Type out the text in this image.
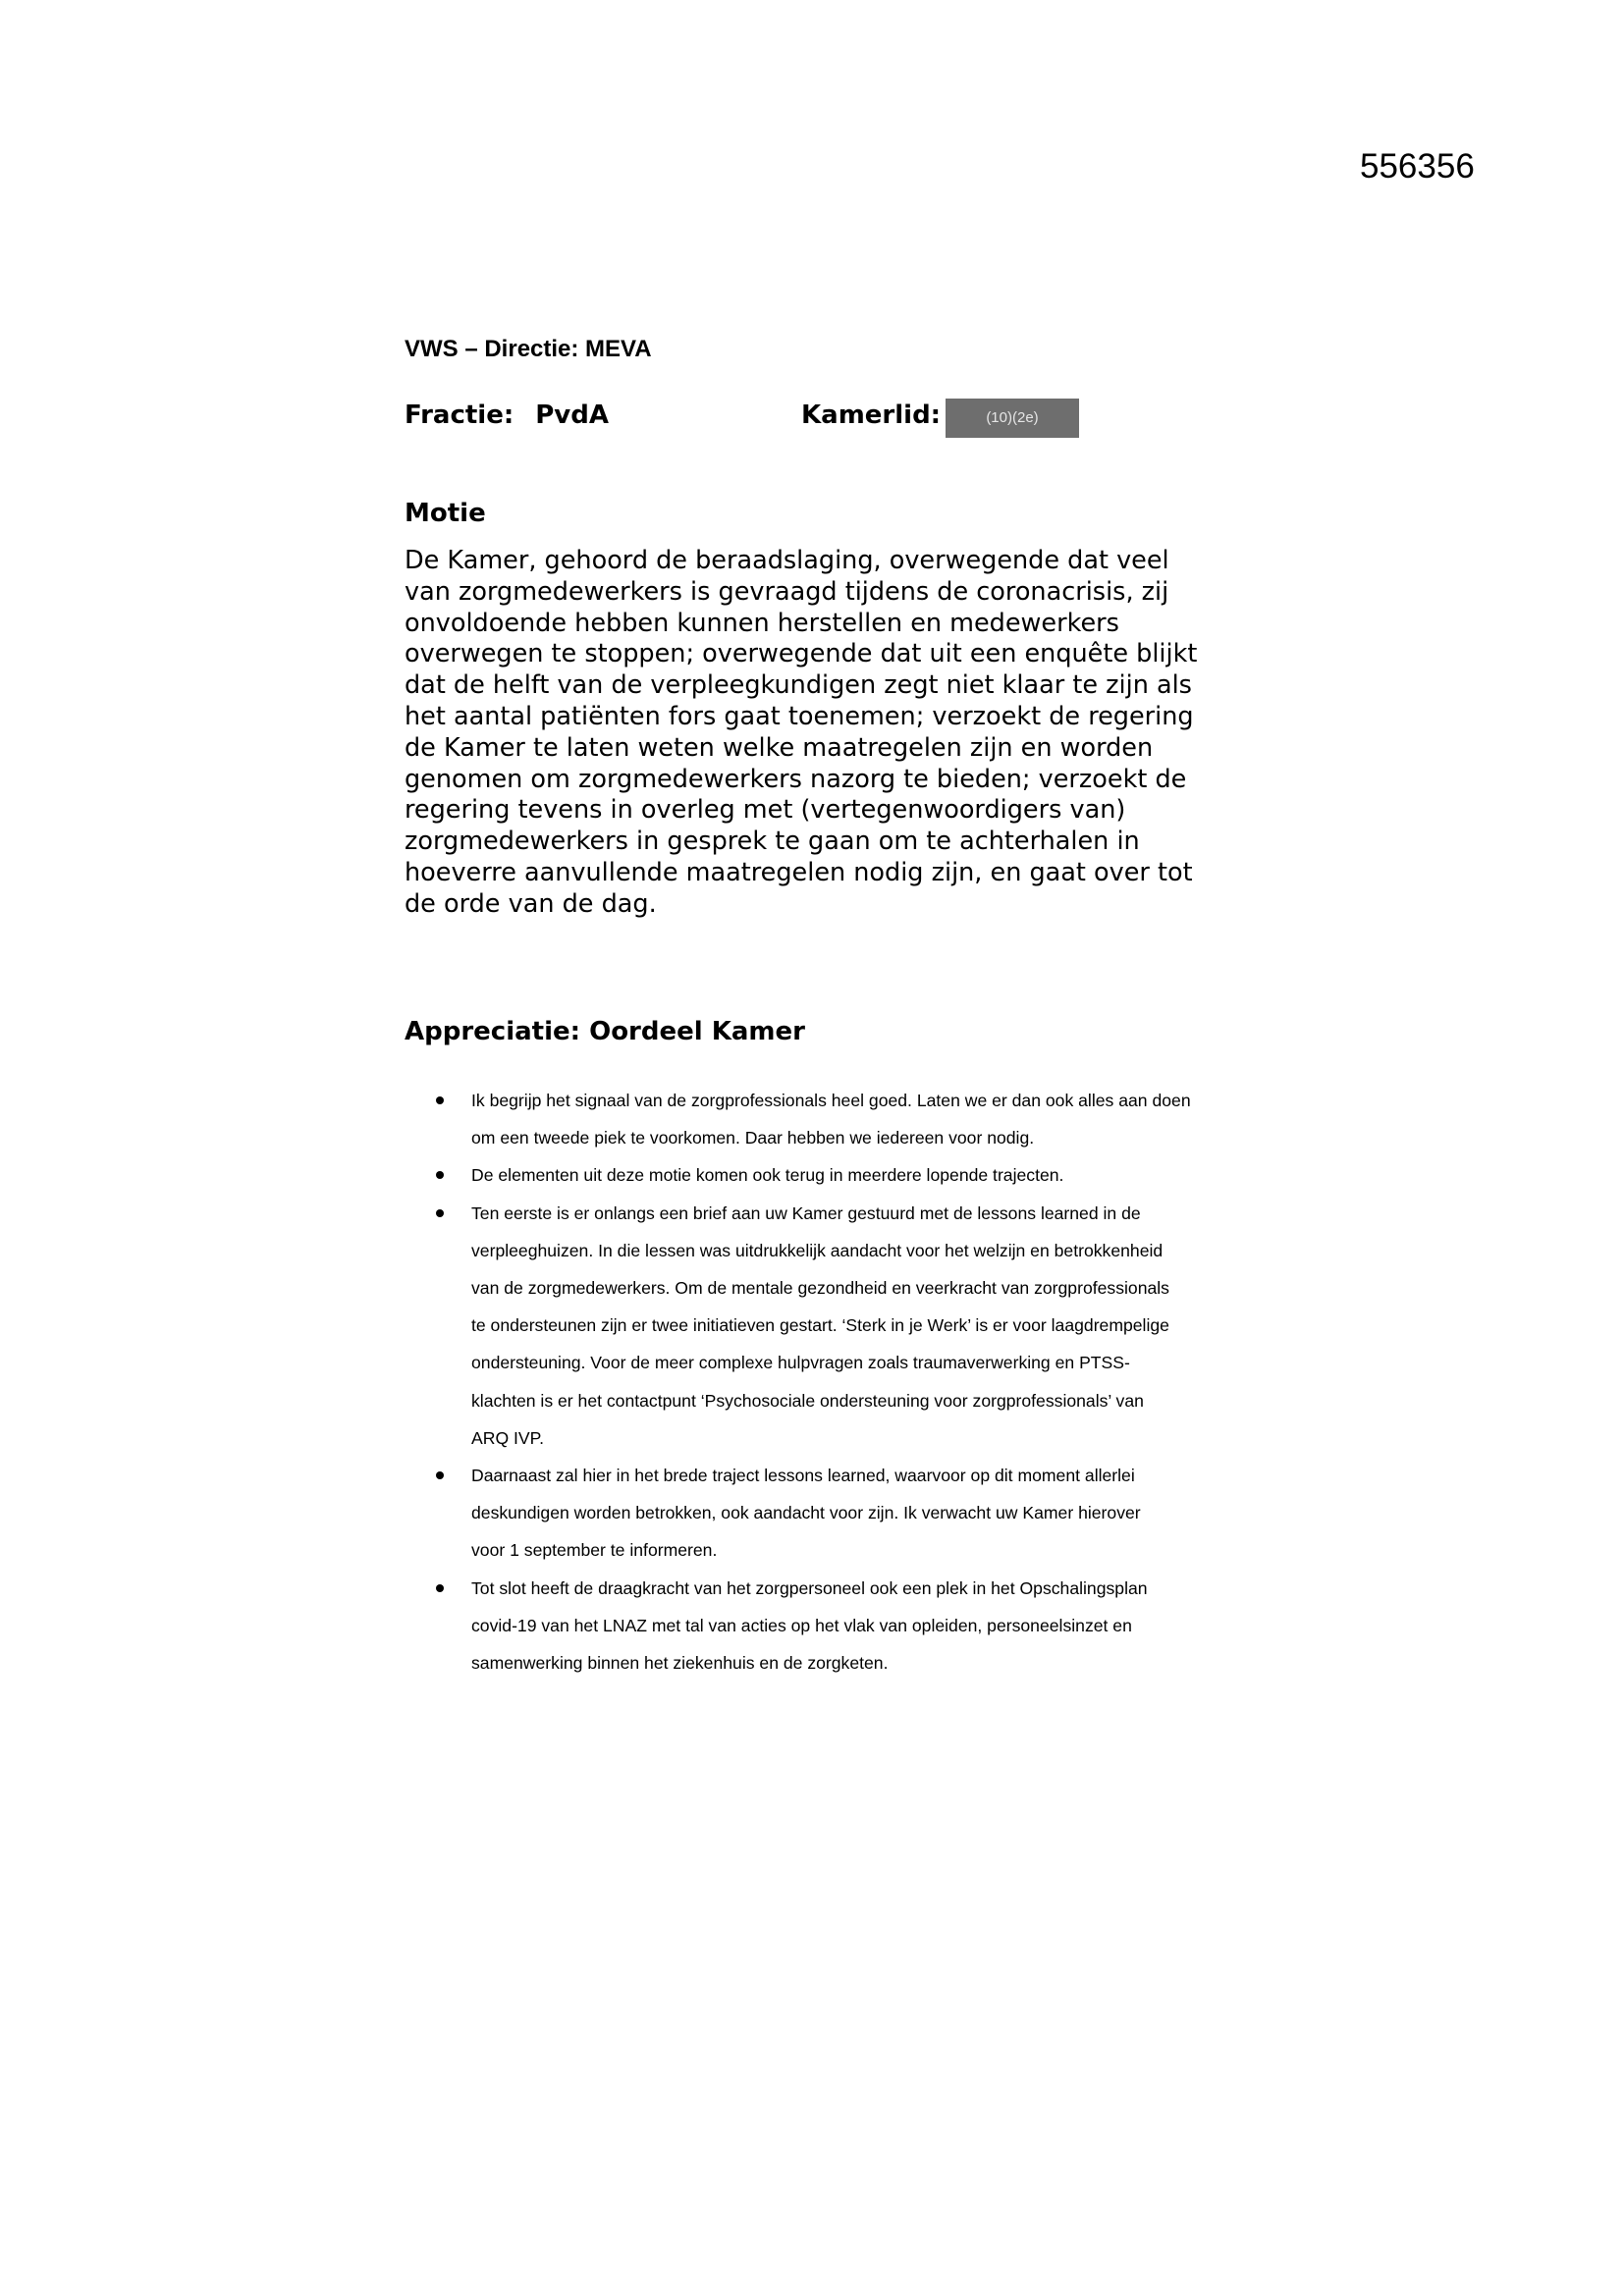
556356
VWS – Directie: MEVA
Fractie: PvdA	Kamerlid:	(10)(2e)
Motie
De Kamer, gehoord de beraadslaging, overwegende dat veel
van zorgmedewerkers is gevraagd tijdens de coronacrisis, zij
onvoldoende hebben kunnen herstellen en medewerkers
overwegen te stoppen; overwegende dat uit een enquête blijkt
dat de helft van de verpleegkundigen zegt niet klaar te zijn als
het aantal patiënten fors gaat toenemen; verzoekt de regering
de Kamer te laten weten welke maatregelen zijn en worden
genomen om zorgmedewerkers nazorg te bieden; verzoekt de
regering tevens in overleg met (vertegenwoordigers van)
zorgmedewerkers in gesprek te gaan om te achterhalen in
hoeverre aanvullende maatregelen nodig zijn, en gaat over tot
de orde van de dag.
Appreciatie: Oordeel Kamer
Ik begrijp het signaal van de zorgprofessionals heel goed. Laten we er dan ook alles aan doen
om een tweede piek te voorkomen. Daar hebben we iedereen voor nodig.
De elementen uit deze motie komen ook terug in meerdere lopende trajecten.
Ten eerste is er onlangs een brief aan uw Kamer gestuurd met de lessons learned in de
verpleeghuizen. In die lessen was uitdrukkelijk aandacht voor het welzijn en betrokkenheid
van de zorgmedewerkers. Om de mentale gezondheid en veerkracht van zorgprofessionals
te ondersteunen zijn er twee initiatieven gestart. ‘Sterk in je Werk’ is er voor laagdrempelige
ondersteuning. Voor de meer complexe hulpvragen zoals traumaverwerking en PTSS-
klachten is er het contactpunt ‘Psychosociale ondersteuning voor zorgprofessionals’ van
ARQ IVP.
Daarnaast zal hier in het brede traject lessons learned, waarvoor op dit moment allerlei
deskundigen worden betrokken, ook aandacht voor zijn. Ik verwacht uw Kamer hierover
voor 1 september te informeren.
Tot slot heeft de draagkracht van het zorgpersoneel ook een plek in het Opschalingsplan
covid-19 van het LNAZ met tal van acties op het vlak van opleiden, personeelsinzet en
samenwerking binnen het ziekenhuis en de zorgketen.
